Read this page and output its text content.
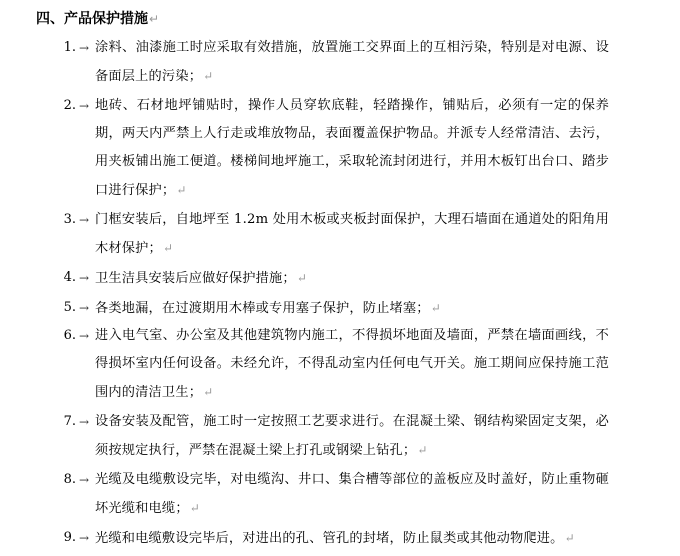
四、产品保护措施↵
1. → 涂料、油漆施工时应采取有效措施，放置施工交界面上的互相污染，特别是对电源、设备面层上的污染；↵
2. → 地砖、石材地坪铺贴时，操作人员穿软底鞋，轻踏操作，铺贴后，必须有一定的保养期，两天内严禁上人行走或堆放物品，表面覆盖保护物品。并派专人经常清洁、去污，用夹板铺出施工便道。楼梯间地坪施工，采取轮流封闭进行，并用木板钉出台口、踏步口进行保护；↵
3. → 门框安装后，自地坪至 1.2m 处用木板或夹板封面保护，大理石墙面在通道处的阳角用木材保护；↵
4. → 卫生洁具安装后应做好保护措施；↵
5. → 各类地漏，在过渡期用木棒或专用塞子保护，防止堵塞；↵
6. → 进入电气室、办公室及其他建筑物内施工，不得损坏地面及墙面，严禁在墙面画线，不得损坏室内任何设备。未经允许，不得乱动室内任何电气开关。施工期间应保持施工范围内的清洁卫生；↵
7. → 设备安装及配管，施工时一定按照工艺要求进行。在混凝土梁、钢结构梁固定支架，必须按规定执行，严禁在混凝土梁上打孔或钢梁上钻孔；↵
8. → 光缆及电缆敷设完毕，对电缆沟、井口、集合槽等部位的盖板应及时盖好，防止重物砸坏光缆和电缆；↵
9. → 光缆和电缆敷设完毕后，对进出的孔、管孔的封堵，防止鼠类或其他动物爬进。↵
